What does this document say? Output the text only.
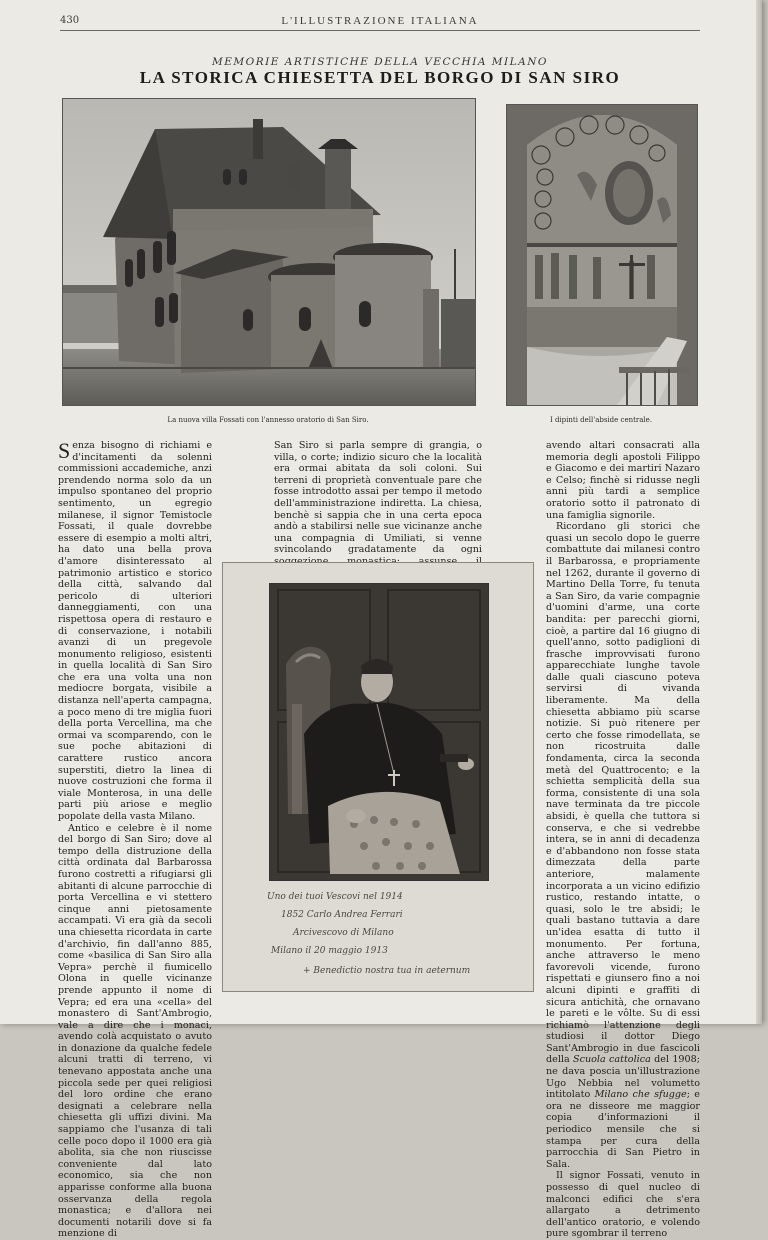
430	L'ILLUSTRAZIONE ITALIANA
MEMORIE ARTISTICHE DELLA VECCHIA MILANO
LA STORICA CHIESETTA DEL BORGO DI SAN SIRO
La nuova villa Fossati con l'annesso oratorio di San Siro.	I dipinti dell'abside centrale.

Senza bisogno di richiami e d'incitamenti da solenni commissioni accademiche, anzi prendendo norma solo da un impulso spontaneo del proprio sentimento, un egregio milanese, il signor Temistocle Fossati, il quale dovrebbe essere di esempio a molti altri, ha dato una bella prova d'amore disinteressato al patrimonio artistico e storico della città, salvando dal pericolo di ulteriori danneggiamenti, con una rispettosa opera di restauro e di conservazione, i notabili avanzi di un pregevole monumento religioso, esistenti in quella località di San Siro che era una volta una non mediocre borgata, visibile a distanza nell'aperta campagna, a poco meno di tre miglia fuori della porta Vercellina, ma che ormai va scomparendo, con le sue poche abitazioni di carattere rustico ancora superstiti, dietro la linea di nuove costruzioni che forma il viale Monterosa, in una delle parti più ariose e meglio popolate della vasta Milano.

Antico e celebre è il nome del borgo di San Siro; dove al tempo della distruzione della città ordinata dal Barbarossa furono costretti a rifugiarsi gli abitanti di alcune parrocchie di porta Vercellina e vi stettero cinque anni pietosamente accampati. Vi era già da secoli una chiesetta ricordata in carte d'archivio, fin dall'anno 885, come «basilica di San Siro alla Vepra» perchè il fiumicello Olona in quelle vicinanze prende appunto il nome di Vepra; ed era una «cella» del monastero di Sant'Ambrogio, vale a dire che i monaci, avendo colà acquistato o avuto in donazione da qualche fedele alcuni tratti di terreno, vi tenevano appostata anche una piccola sede per quei religiosi del loro ordine che erano designati a celebrare nella chiesetta gli uffizi divini. Ma sappiamo che l'usanza di tali celle poco dopo il 1000 era già abolita, sia che non riuscisse conveniente dal lato economico, sia che non apparisse conforme alla buona osservanza della regola monastica; e d'allora nei documenti notarili dove si fa menzione di

San Siro si parla sempre di grangia, o villa, o corte; indizio sicuro che la località era ormai abitata da soli coloni. Sui terreni di proprietà conventuale pare che fosse introdotto assai per tempo il metodo dell'amministrazione indiretta. La chiesa, benchè si sappia che in una certa epoca andò a stabilirsi nelle sue vicinanze anche una compagnia di Umiliati, si venne svincolando gradatamente da ogni

avendo altari consacrati alla memoria degli apostoli Filippo e Giacomo e dei martiri Nazaro e Celso; finchè si ridusse negli anni più tardi a semplice oratorio sotto il patronato di una famiglia signorile.

Ricordano gli storici che quasi un secolo dopo le guerre combattute dai milanesi contro il Barbarossa, e propriamente nel 1262, durante il governo di Martino Della Torre, fu tenuta a San Siro, da varie compagnie d'uomini d'arme, una corte bandita: per parecchi giorni, cioè, a partire dal 16 giugno di quell'anno, sotto padiglioni di frasche improvvisati furono apparecchiate lunghe tavole dalle quali ciascuno poteva servirsi di vivanda liberamente. Ma della chiesetta abbiamo più scarse notizie. Si può ritenere per certo che fosse rimodellata, se non ricostruita dalle fondamenta, circa la seconda metà del Quattrocento; e la schietta semplicità della sua forma, consistente di una sola nave terminata da tre piccole absidi, è quella che tuttora si conserva, e che si vedrebbe intera, se in anni di decadenza e d'abbandono non fosse stata dimezzata della parte anteriore, malamente incorporata a un vicino edifizio rustico, restando intatte, o quasi, solo le tre absidi; le quali bastano tuttavia a dare un'idea esatta di tutto il monumento. Per fortuna, anche attraverso le meno favorevoli vicende, furono rispettati e giunsero fino a noi alcuni dipinti e graffiti di sicura antichità, che ornavano le pareti e le vôlte. Su di essi richiamò l'attenzione degli studiosi il dottor Diego Sant'Ambrogio in due fascicoli della Scuola cattolica del 1908; ne dava poscia un'illustrazione Ugo Nebbia nel volumetto intitolato Milano che sfugge; e ora ne disseore me maggior copia d'informazioni il periodico mensile che si stampa per cura della parrocchia di San Pietro in Sala.

Il signor Fossati, venuto in possesso di quel nucleo di malconci edifici che s'era allargato a detrimento dell'antico oratorio, e volendo pure sgombrar il terreno

Uno dei tuoi Vescovi nel 1914
1852 Carlo Andrea Ferrari
Arcivescovo di Milano
Milano il 20 maggio 1913
+ Benedictio nostra tua in aeternum
